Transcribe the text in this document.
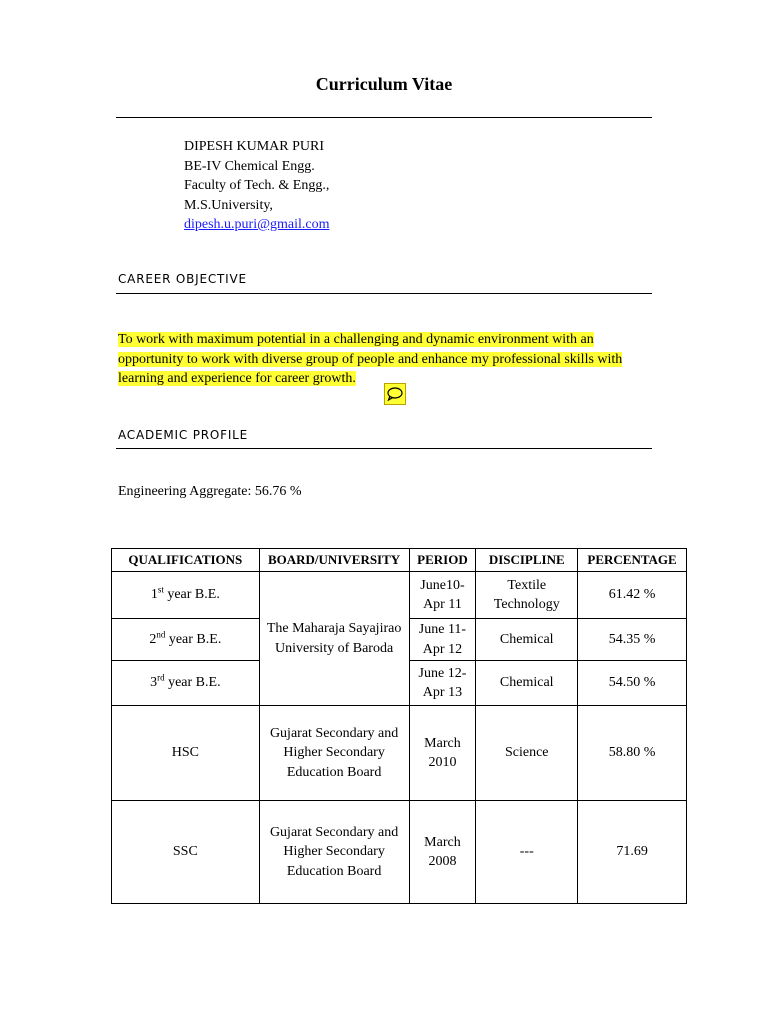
Curriculum Vitae
DIPESH KUMAR PURI
BE-IV Chemical Engg.
Faculty of Tech. & Engg.,
M.S.University,
dipesh.u.puri@gmail.com
CAREER OBJECTIVE
To work with maximum potential in a challenging and dynamic environment with an
opportunity to work with diverse group of people and enhance my professional skills with
learning and experience for career growth.
ACADEMIC PROFILE
Engineering Aggregate: 56.76 %
QUALIFICATIONS	BOARD/UNIVERSITY	PERIOD	DISCIPLINE	PERCENTAGE
1st year B.E.	The Maharaja Sayajirao University of Baroda	June10- Apr 11	Textile Technology	61.42 %
2nd year B.E.		June 11- Apr 12	Chemical	54.35 %
3rd year B.E.		June 12- Apr 13	Chemical	54.50 %
HSC	Gujarat Secondary and Higher Secondary Education Board	March 2010	Science	58.80 %
SSC	Gujarat Secondary and Higher Secondary Education Board	March 2008	---	71.69
